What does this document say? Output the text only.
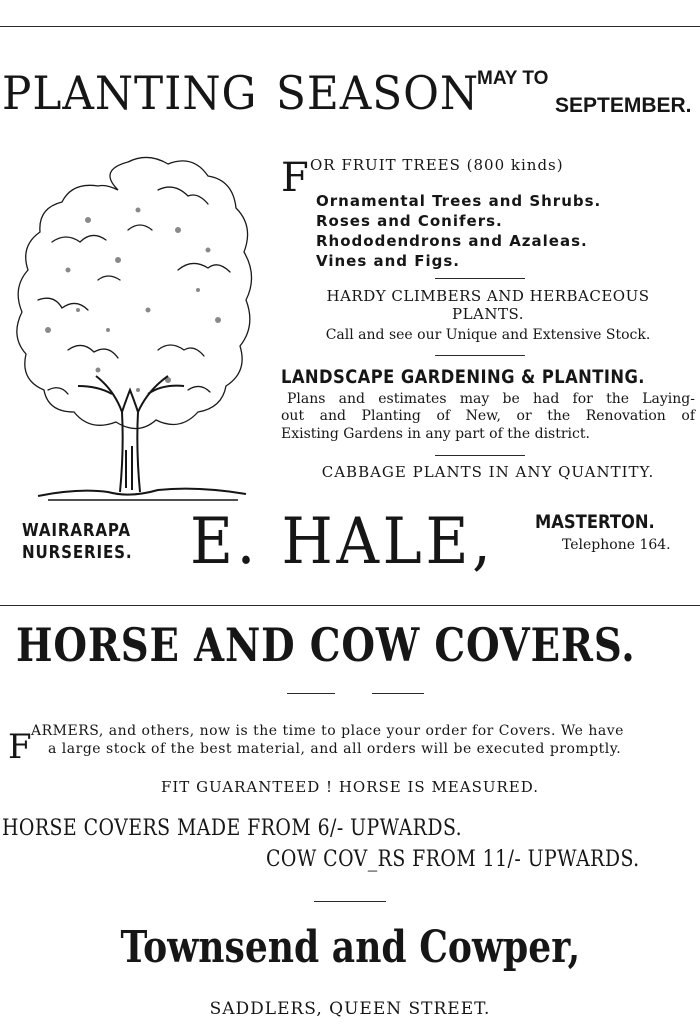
PLANTING SEASON
MAY TO
SEPTEMBER.
F OR FRUIT TREES (800 kinds)
Ornamental Trees and Shrubs.
Roses and Conifers.
Rhododendrons and Azaleas.
Vines and Figs.
HARDY CLIMBERS AND HERBACEOUS
PLANTS.
Call and see our Unique and Extensive Stock.
LANDSCAPE GARDENING & PLANTING.
Plans and estimates may be had for the Laying-
out and Planting of New, or the Renovation of
Existing Gardens in any part of the district.
CABBAGE PLANTS IN ANY QUANTITY.
WAIRARAPA
NURSERIES. E. HALE, MASTERTON.
Telephone 164.
HORSE AND COW COVERS.
F ARMERS, and others, now is the time to place your order for Covers. We have
a large stock of the best material, and all orders will be executed promptly.
FIT GUARANTEED ! HORSE IS MEASURED.
HORSE COVERS MADE FROM 6/- UPWARDS.
COW COV_RS FROM 11/- UPWARDS.
Townsend and Cowper,
SADDLERS, QUEEN STREET.
